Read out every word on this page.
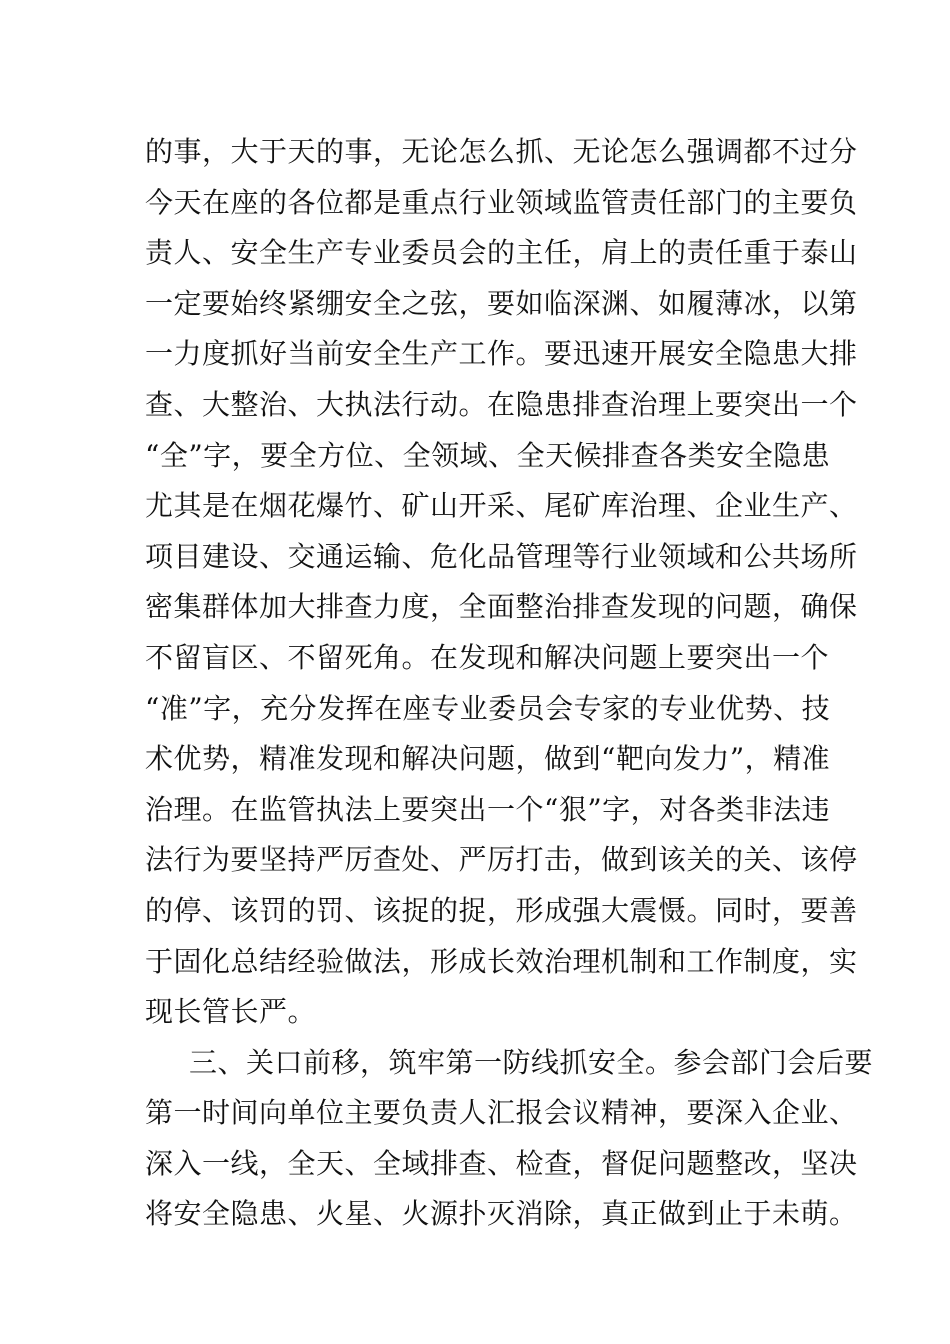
的事，大于天的事，无论怎么抓、无论怎么强调都不过分
今天在座的各位都是重点行业领域监管责任部门的主要负
责人、安全生产专业委员会的主任，肩上的责任重于泰山
一定要始终紧绷安全之弦，要如临深渊、如履薄冰，以第
一力度抓好当前安全生产工作。要迅速开展安全隐患大排
查、大整治、大执法行动。在隐患排查治理上要突出一个
“全”字，要全方位、全领域、全天候排查各类安全隐患
尤其是在烟花爆竹、矿山开采、尾矿库治理、企业生产、
项目建设、交通运输、危化品管理等行业领域和公共场所
密集群体加大排查力度，全面整治排查发现的问题，确保
不留盲区、不留死角。在发现和解决问题上要突出一个
“准”字，充分发挥在座专业委员会专家的专业优势、技
术优势，精准发现和解决问题，做到“靶向发力”，精准
治理。在监管执法上要突出一个“狠”字，对各类非法违
法行为要坚持严厉查处、严厉打击，做到该关的关、该停
的停、该罚的罚、该捉的捉，形成强大震慑。同时，要善
于固化总结经验做法，形成长效治理机制和工作制度，实
现长管长严。
三、关口前移，筑牢第一防线抓安全。参会部门会后要
第一时间向单位主要负责人汇报会议精神，要深入企业、
深入一线，全天、全域排查、检查，督促问题整改，坚决
将安全隐患、火星、火源扑灭消除，真正做到止于未萌。
